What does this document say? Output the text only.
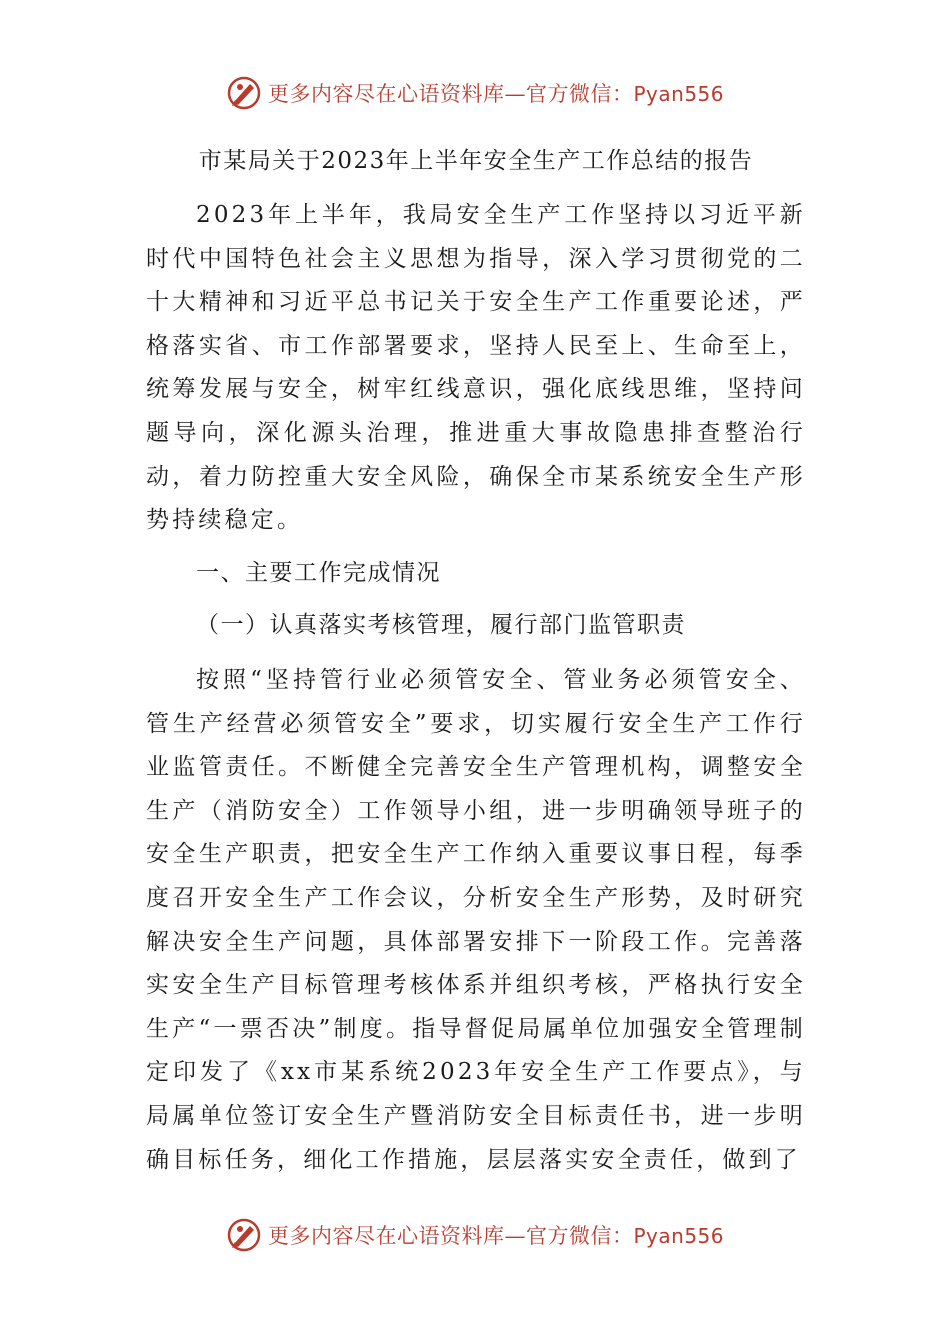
更多内容尽在心语资料库—官方微信：Pyan556
市某局关于2023年上半年安全生产工作总结的报告

2023年上半年，我局安全生产工作坚持以习近平新时代中国特色社会主义思想为指导，深入学习贯彻党的二十大精神和习近平总书记关于安全生产工作重要论述，严格落实省、市工作部署要求，坚持人民至上、生命至上，统筹发展与安全，树牢红线意识，强化底线思维，坚持问题导向，深化源头治理，推进重大事故隐患排查整治行动，着力防控重大安全风险，确保全市某系统安全生产形势持续稳定。

一、主要工作完成情况

（一）认真落实考核管理，履行部门监管职责

按照“坚持管行业必须管安全、管业务必须管安全、管生产经营必须管安全”要求，切实履行安全生产工作行业监管责任。不断健全完善安全生产管理机构，调整安全生产（消防安全）工作领导小组，进一步明确领导班子的安全生产职责，把安全生产工作纳入重要议事日程，每季度召开安全生产工作会议，分析安全生产形势，及时研究解决安全生产问题，具体部署安排下一阶段工作。完善落实安全生产目标管理考核体系并组织考核，严格执行安全生产“一票否决”制度。指导督促局属单位加强安全管理制定印发了《xx市某系统2023年安全生产工作要点》，与局属单位签订安全生产暨消防安全目标责任书，进一步明确目标任务，细化工作措施，层层落实安全责任，做到了

更多内容尽在心语资料库—官方微信：Pyan556
